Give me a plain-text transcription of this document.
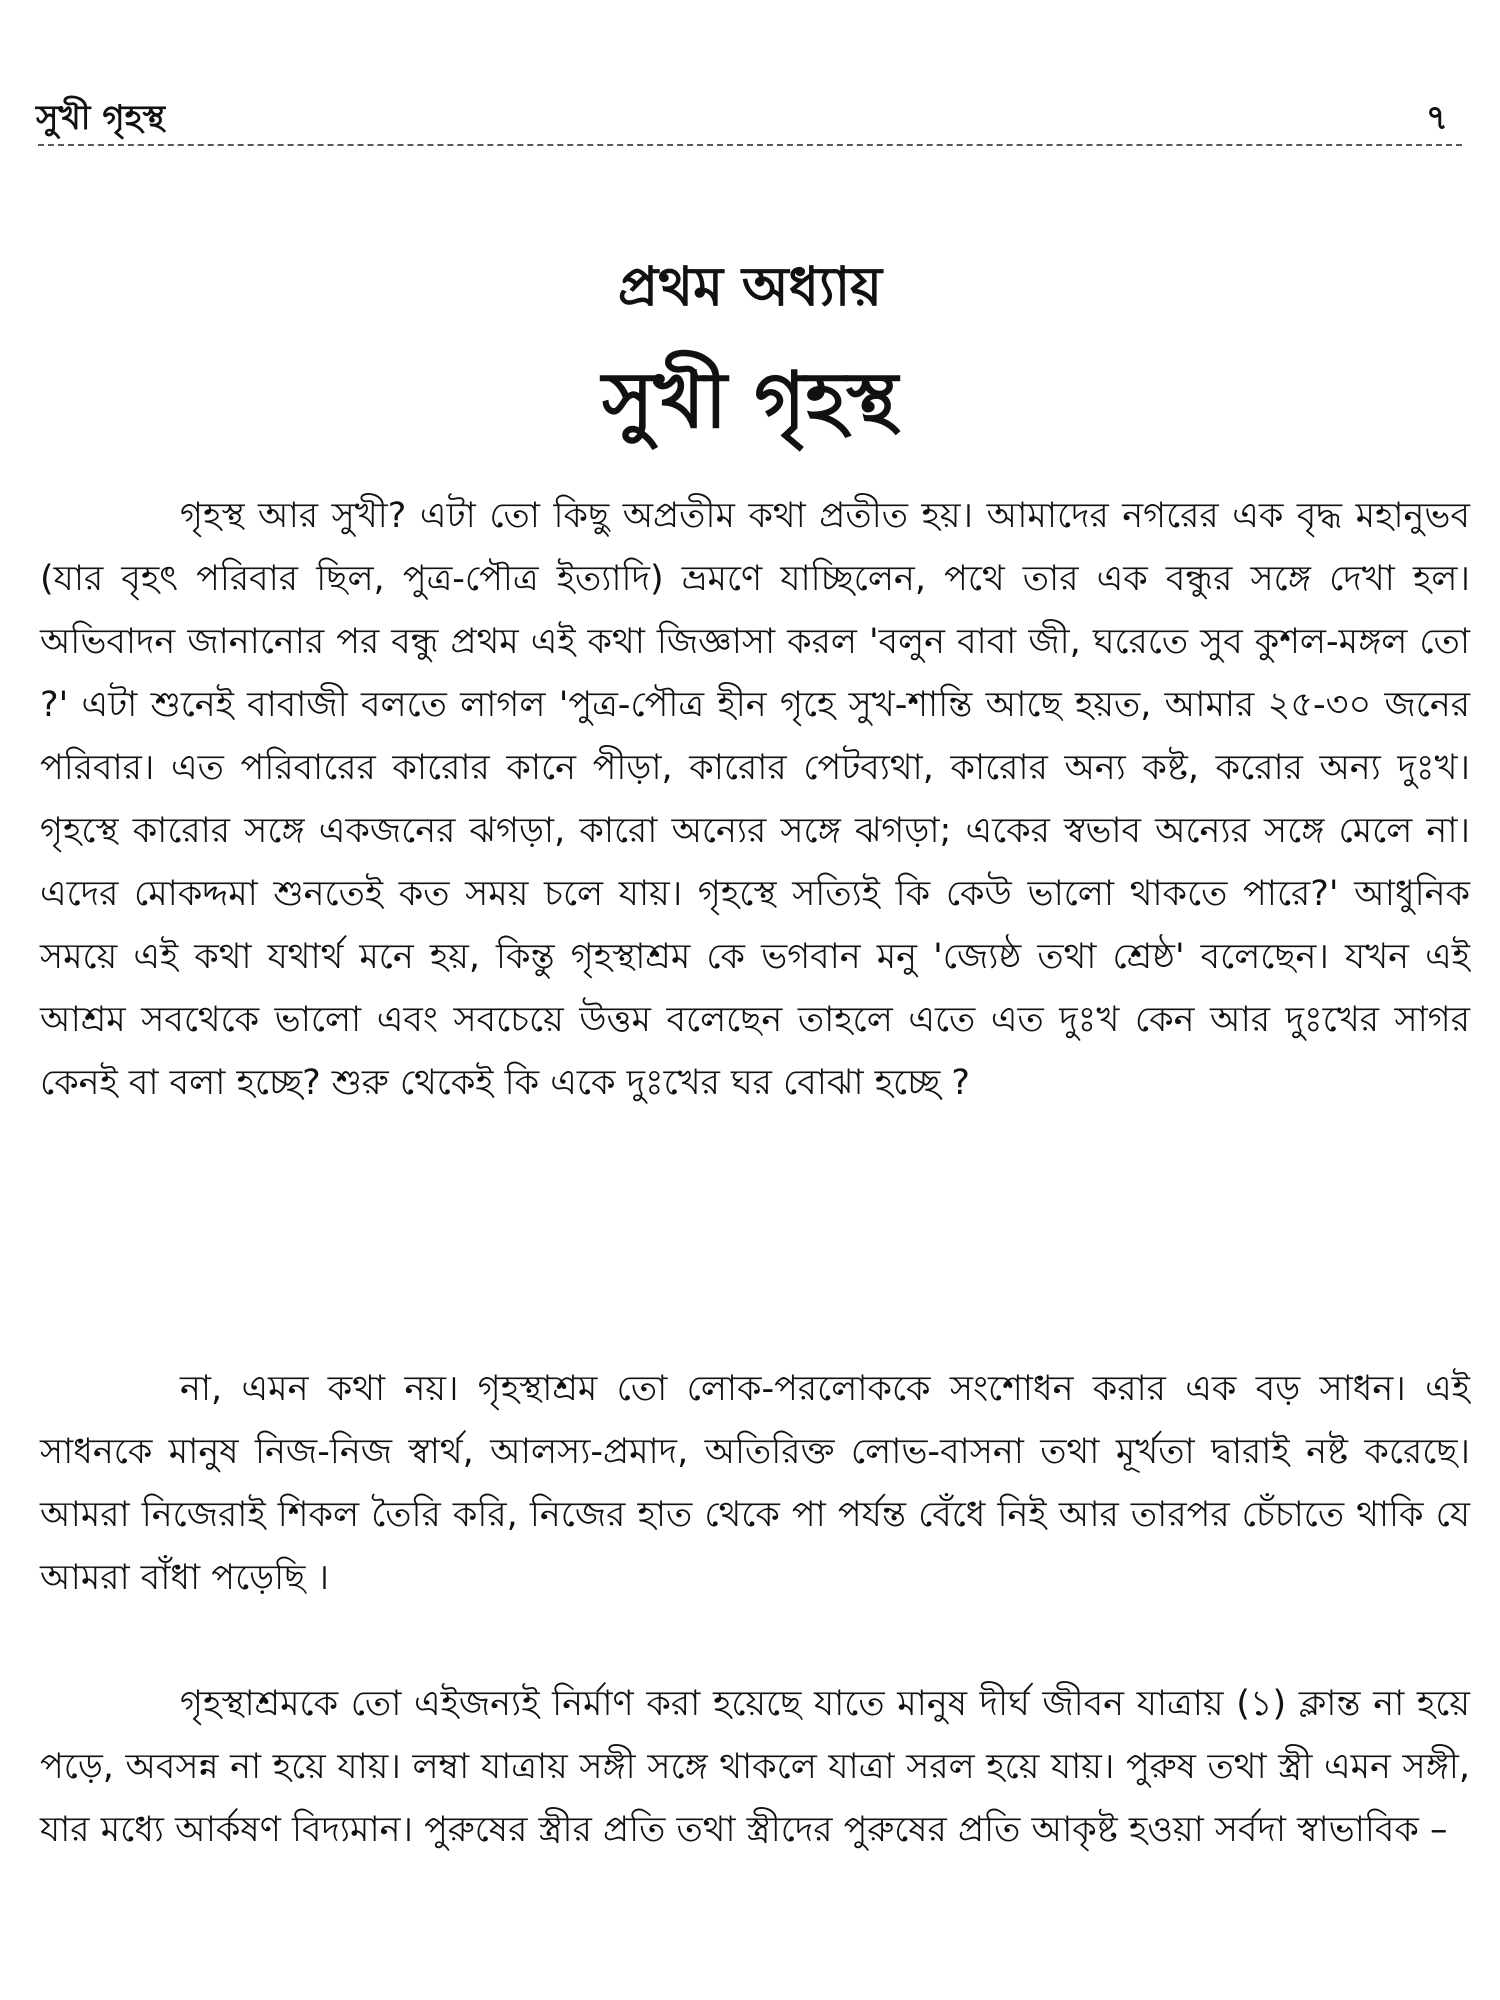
সুখী গৃহস্থ	৭
প্রথম অধ্যায়
সুখী গৃহস্থ

গৃহস্থ আর সুখী? এটা তো কিছু অপ্রতীম কথা প্রতীত হয়। আমাদের নগরের এক বৃদ্ধ মহানুভব (যার বৃহৎ পরিবার ছিল, পুত্র-পৌত্র ইত্যাদি) ভ্রমণে যাচ্ছিলেন, পথে তার এক বন্ধুর সঙ্গে দেখা হল। অভিবাদন জানানোর পর বন্ধু প্রথম এই কথা জিজ্ঞাসা করল 'বলুন বাবা জী, ঘরেতে সুব কুশল-মঙ্গল তো ?' এটা শুনেই বাবাজী বলতে লাগল 'পুত্র-পৌত্র হীন গৃহে সুখ-শান্তি আছে হয়ত, আমার ২৫-৩০ জনের পরিবার। এত পরিবারের কারোর কানে পীড়া, কারোর পেটব্যথা, কারোর অন্য কষ্ট, করোর অন্য দুঃখ। গৃহস্থে কারোর সঙ্গে একজনের ঝগড়া, কারো অন্যের সঙ্গে ঝগড়া; একের স্বভাব অন্যের সঙ্গে মেলে না। এদের মোকদ্দমা শুনতেই কত সময় চলে যায়। গৃহস্থে সত্যিই কি কেউ ভালো থাকতে পারে?' আধুনিক সময়ে এই কথা যথার্থ মনে হয়, কিন্তু গৃহস্থাশ্রম কে ভগবান মনু 'জ্যেষ্ঠ তথা শ্রেষ্ঠ' বলেছেন। যখন এই আশ্রম সবথেকে ভালো এবং সবচেয়ে উত্তম বলেছেন তাহলে এতে এত দুঃখ কেন আর দুঃখের সাগর কেনই বা বলা হচ্ছে? শুরু থেকেই কি একে দুঃখের ঘর বোঝা হচ্ছে ?

না, এমন কথা নয়। গৃহস্থাশ্রম তো লোক-পরলোককে সংশোধন করার এক বড় সাধন। এই সাধনকে মানুষ নিজ-নিজ স্বার্থ, আলস্য-প্রমাদ, অতিরিক্ত লোভ-বাসনা তথা মূর্খতা দ্বারাই নষ্ট করেছে। আমরা নিজেরাই শিকল তৈরি করি, নিজের হাত থেকে পা পর্যন্ত বেঁধে নিই আর তারপর চেঁচাতে থাকি যে আমরা বাঁধা পড়েছি ।

গৃহস্থাশ্রমকে তো এইজন্যই নির্মাণ করা হয়েছে যাতে মানুষ দীর্ঘ জীবন যাত্রায় (১) ক্লান্ত না হয়ে পড়ে, অবসন্ন না হয়ে যায়। লম্বা যাত্রায় সঙ্গী সঙ্গে থাকলে যাত্রা সরল হয়ে যায়। পুরুষ তথা স্ত্রী এমন সঙ্গী, যার মধ্যে আর্কষণ বিদ্যমান। পুরুষের স্ত্রীর প্রতি তথা স্ত্রীদের পুরুষের প্রতি আকৃষ্ট হওয়া সর্বদা স্বাভাবিক –
